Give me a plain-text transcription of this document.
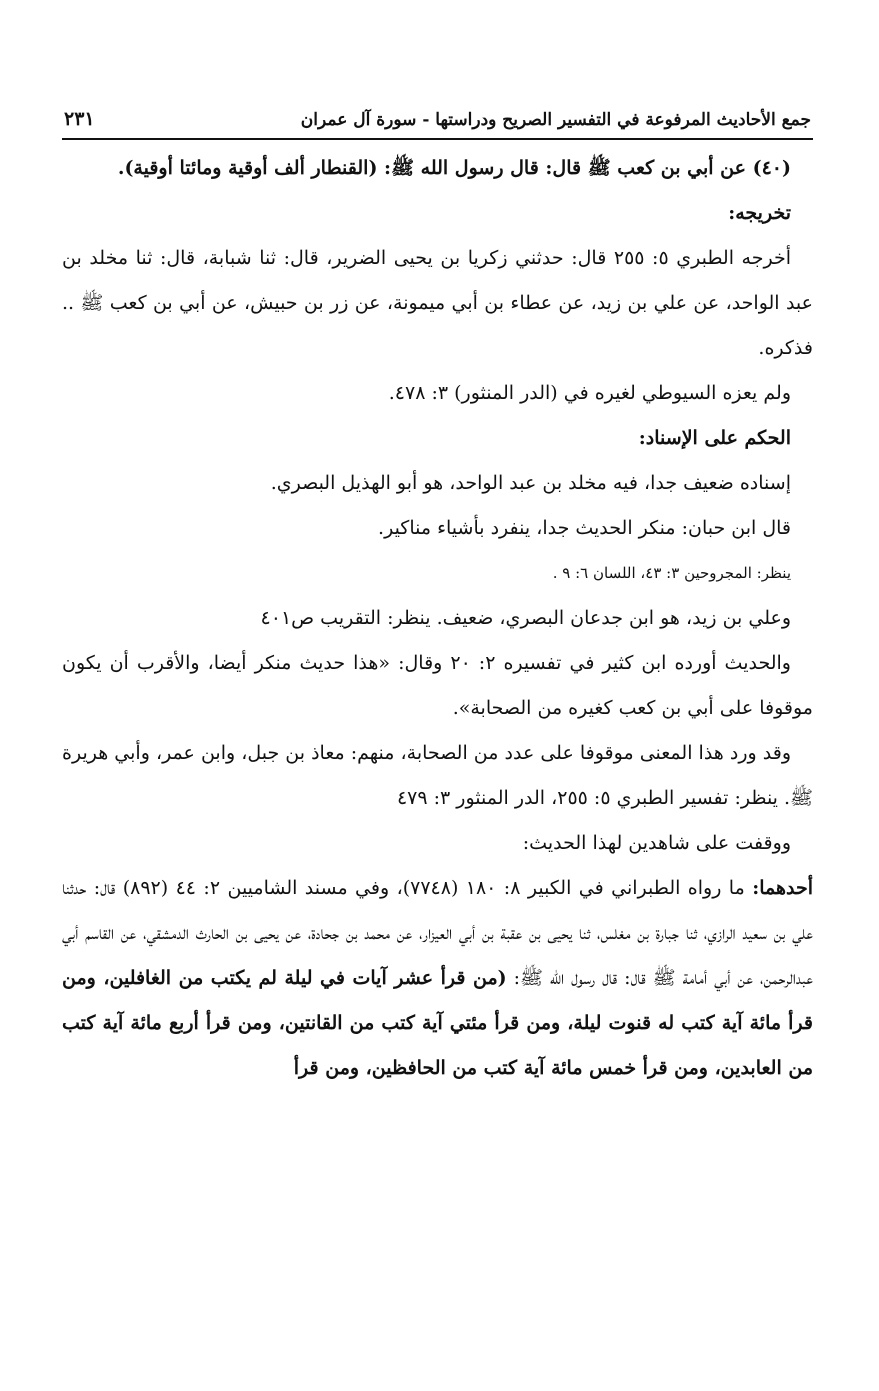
جمع الأحاديث المرفوعة في التفسير الصريح ودراستها - سورة آل عمران
٢٣١

(٤٠) عن أبي بن كعب ﷺ قال: قال رسول الله ﷺ: (القنطار ألف أوقية ومائتا أوقية).

تخريجه:

أخرجه الطبري ٥: ٢٥٥ قال: حدثني زكريا بن يحيى الضرير، قال: ثنا شبابة، قال: ثنا مخلد بن عبد الواحد، عن علي بن زيد، عن عطاء بن أبي ميمونة، عن زر بن حبيش، عن أبي بن كعب ﷺ .. فذكره.

ولم يعزه السيوطي لغيره في (الدر المنثور) ٣: ٤٧٨.

الحكم على الإسناد:

إسناده ضعيف جدا، فيه مخلد بن عبد الواحد، هو أبو الهذيل البصري.

قال ابن حبان: منكر الحديث جدا، ينفرد بأشياء مناكير.

ينظر: المجروحين ٣: ٤٣، اللسان ٦: ٩ .

وعلي بن زيد، هو ابن جدعان البصري، ضعيف. ينظر: التقريب ص٤٠١

والحديث أورده ابن كثير في تفسيره ٢: ٢٠ وقال: «هذا حديث منكر أيضا، والأقرب أن يكون موقوفا على أبي بن كعب كغيره من الصحابة».

وقد ورد هذا المعنى موقوفا على عدد من الصحابة، منهم: معاذ بن جبل، وابن عمر، وأبي هريرة ﷺ. ينظر: تفسير الطبري ٥: ٢٥٥، الدر المنثور ٣: ٤٧٩

ووقفت على شاهدين لهذا الحديث:

أحدهما: ما رواه الطبراني في الكبير ٨: ١٨٠ (٧٧٤٨)، وفي مسند الشاميين ٢: ٤٤ (٨٩٢) قال: حدثنا علي بن سعيد الرازي، ثنا جبارة بن مغلس، ثنا يحيى بن عقبة بن أبي العيزار، عن محمد بن جحادة، عن يحيى بن الحارث الدمشقي، عن القاسم أبي عبدالرحمن، عن أبي أمامة ﷺ قال: قال رسول الله ﷺ: (من قرأ عشر آيات في ليلة لم يكتب من الغافلين، ومن قرأ مائة آية كتب له قنوت ليلة، ومن قرأ مئتي آية كتب من القانتين، ومن قرأ أربع مائة آية كتب من العابدين، ومن قرأ خمس مائة آية كتب من الحافظين، ومن قرأ
